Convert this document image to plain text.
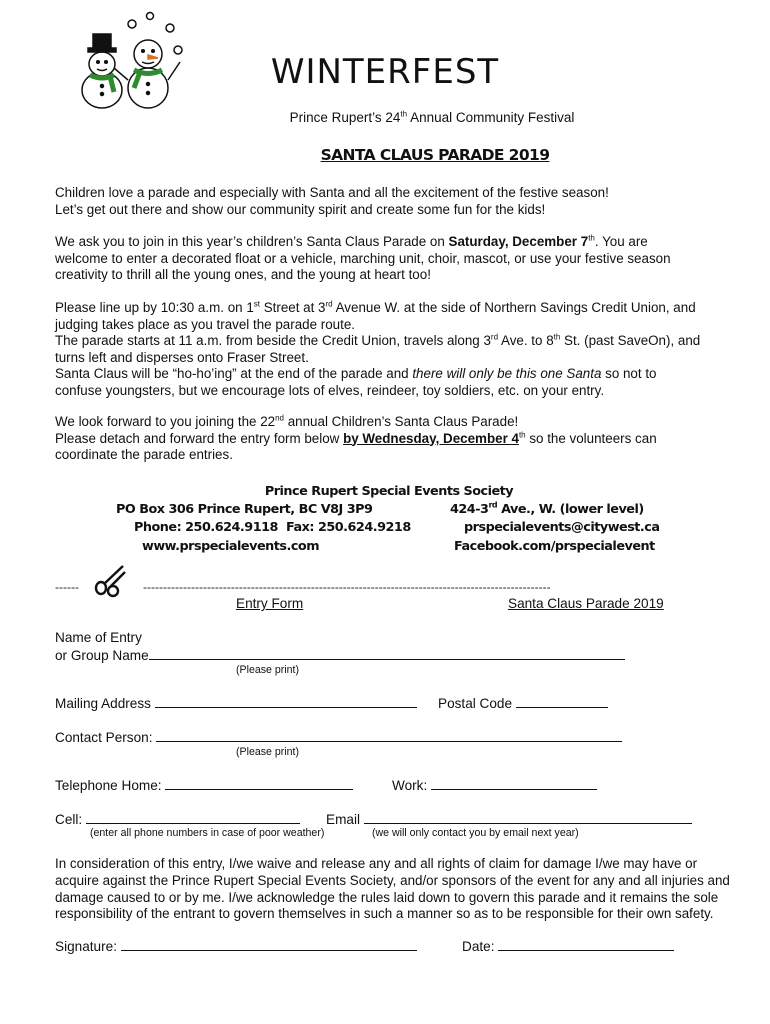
WINTERFEST
Prince Rupert’s 24th Annual Community Festival
SANTA CLAUS PARADE 2019

Children love a parade and especially with Santa and all the excitement of the festive season!
Let’s get out there and show our community spirit and create some fun for the kids!

We ask you to join in this year’s children’s Santa Claus Parade on Saturday, December 7th. You are
welcome to enter a decorated float or a vehicle, marching unit, choir, mascot, or use your festive season
creativity to thrill all the young ones, and the young at heart too!

Please line up by 10:30 a.m. on 1st Street at 3rd Avenue W. at the side of Northern Savings Credit Union, and
judging takes place as you travel the parade route.
The parade starts at 11 a.m. from beside the Credit Union, travels along 3rd Ave. to 8th St. (past SaveOn), and
turns left and disperses onto Fraser Street.
Santa Claus will be “ho-ho’ing” at the end of the parade and there will only be this one Santa so not to
confuse youngsters, but we encourage lots of elves, reindeer, toy soldiers, etc. on your entry.

We look forward to you joining the 22nd annual Children’s Santa Claus Parade!
Please detach and forward the entry form below by Wednesday, December 4th so the volunteers can
coordinate the parade entries.

Prince Rupert Special Events Society
PO Box 306 Prince Rupert, BC V8J 3P9	424-3rd Ave., W. (lower level)
Phone: 250.624.9118 Fax: 250.624.9218	prspecialevents@citywest.ca
www.prspecialevents.com	Facebook.com/prspecialevent
------	------------------------------------------------------------------------------------------------------
Entry Form	Santa Claus Parade 2019
Name of Entry
or Group Name
(Please print)
Mailing Address	Postal Code
Contact Person:
(Please print)
Telephone Home:	Work:
Cell:	Email
(enter all phone numbers in case of poor weather)	(we will only contact you by email next year)

In consideration of this entry, I/we waive and release any and all rights of claim for damage I/we may have or
acquire against the Prince Rupert Special Events Society, and/or sponsors of the event for any and all injuries and
damage caused to or by me. I/we acknowledge the rules laid down to govern this parade and it remains the sole
responsibility of the entrant to govern themselves in such a manner so as to be responsible for their own safety.

Signature:	Date:
